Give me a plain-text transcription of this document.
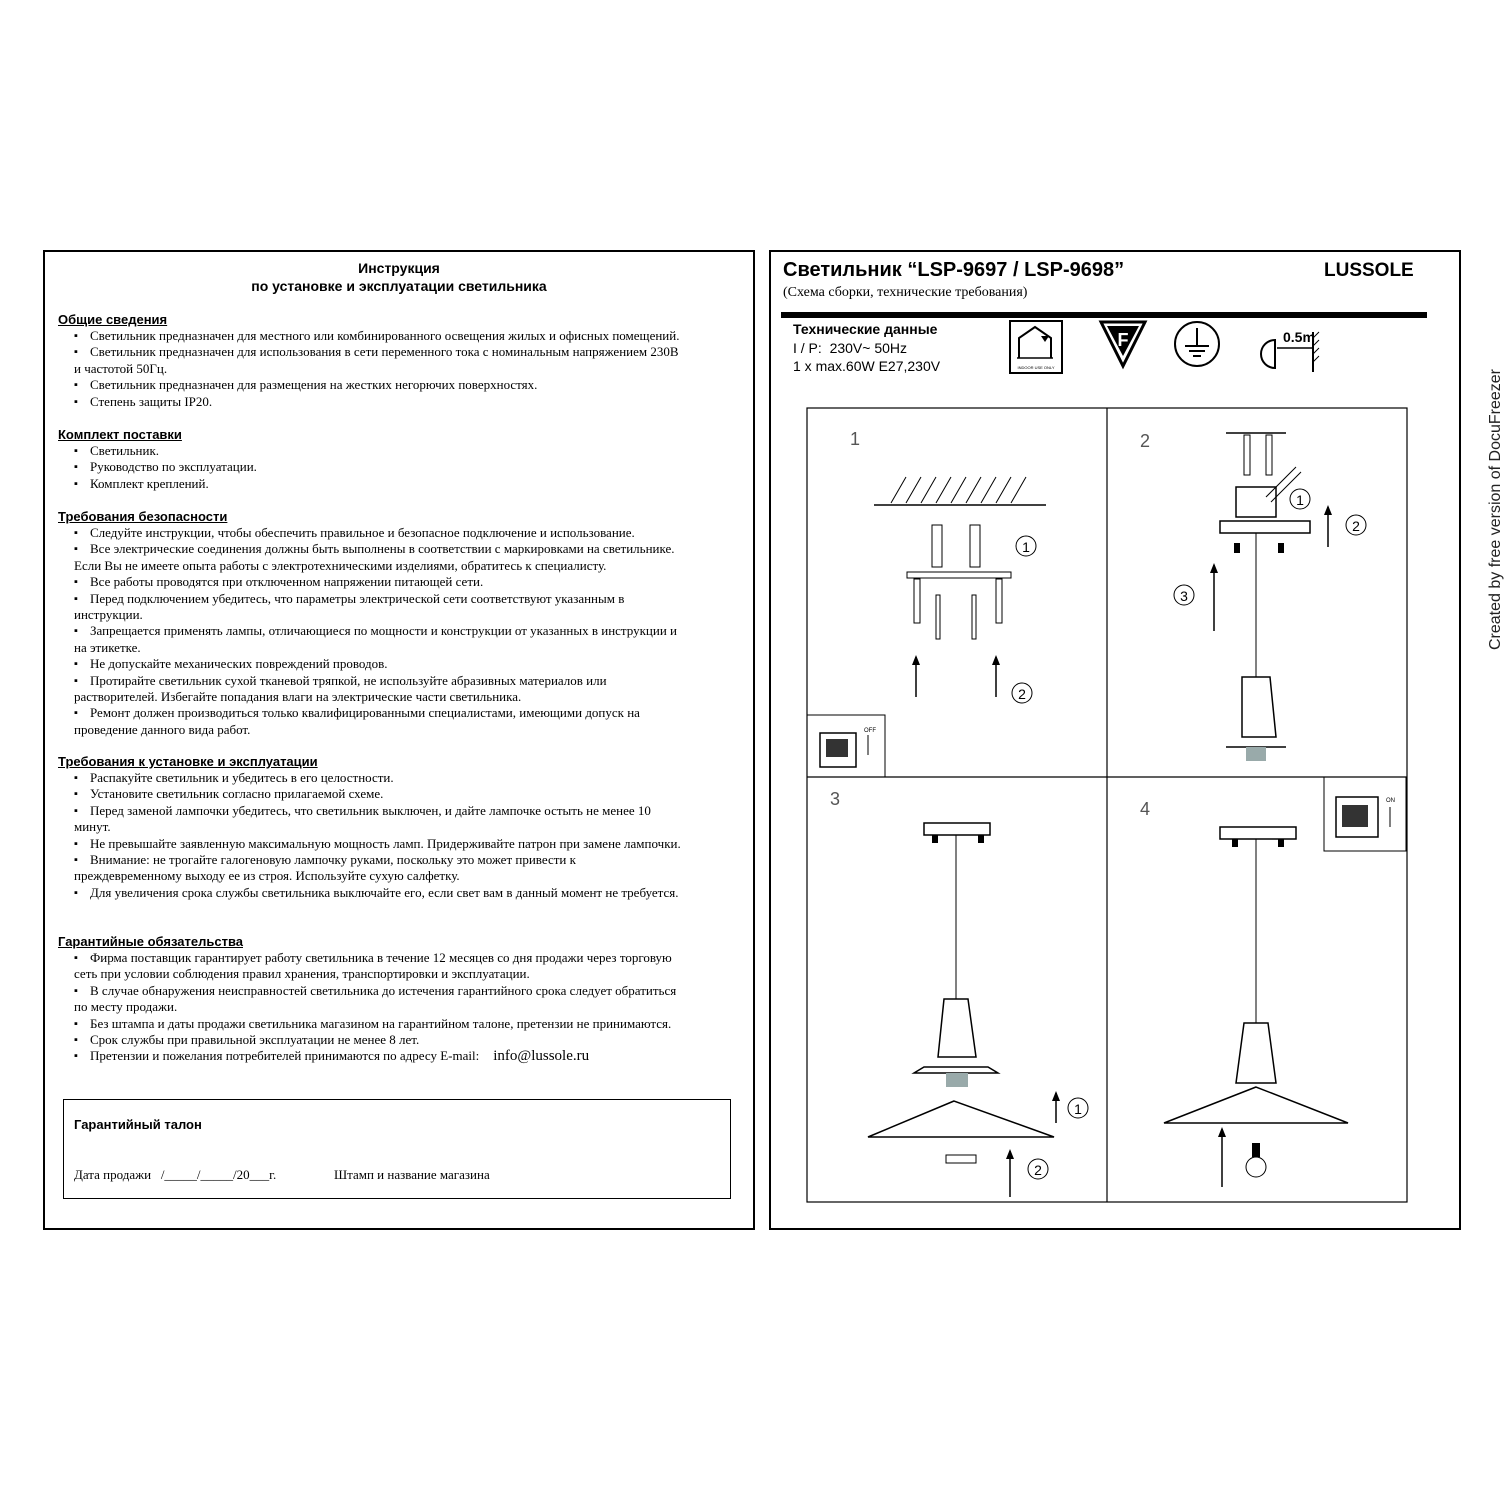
Инструкция
по установке и эксплуатации светильника
Общие сведения
▪ Светильник предназначен для местного или комбинированного освещения жилых и офисных помещений.
▪ Светильник предназначен для использования в сети переменного тока с номинальным напряжением 230В
и частотой 50Гц.
▪ Светильник предназначен для размещения на жестких негорючих поверхностях.
▪ Степень защиты IP20.
Комплект поставки
▪ Светильник.
▪ Руководство по эксплуатации.
▪ Комплект креплений.
Требования безопасности
▪ Следуйте инструкции, чтобы обеспечить правильное и безопасное подключение и использование.
▪ Все электрические соединения должны быть выполнены в соответствии с маркировками на светильнике.
Если Вы не имеете опыта работы с электротехническими изделиями, обратитесь к специалисту.
▪ Все работы проводятся при отключенном напряжении питающей сети.
▪ Перед подключением убедитесь, что параметры электрической сети соответствуют указанным в
инструкции.
▪ Запрещается применять лампы, отличающиеся по мощности и конструкции от указанных в инструкции и
на этикетке.
▪ Не допускайте механических повреждений проводов.
▪ Протирайте светильник сухой тканевой тряпкой, не используйте абразивных материалов или
растворителей. Избегайте попадания влаги на электрические части светильника.
▪ Ремонт должен производиться только квалифицированными специалистами, имеющими допуск на
проведение данного вида работ.
Требования к установке и эксплуатации
▪ Распакуйте светильник и убедитесь в его целостности.
▪ Установите светильник согласно прилагаемой схеме.
▪ Перед заменой лампочки убедитесь, что светильник выключен, и дайте лампочке остыть не менее 10
минут.
▪ Не превышайте заявленную максимальную мощность ламп. Придерживайте патрон при замене лампочки.
▪ Внимание: не трогайте галогеновую лампочку руками, поскольку это может привести к
преждевременному выходу ее из строя. Используйте сухую салфетку.
▪ Для увеличения срока службы светильника выключайте его, если свет вам в данный момент не требуется.
Гарантийные обязательства
▪ Фирма поставщик гарантирует работу светильника в течение 12 месяцев со дня продажи через торговую
сеть при условии соблюдения правил хранения, транспортировки и эксплуатации.
▪ В случае обнаружения неисправностей светильника до истечения гарантийного срока следует обратиться
по месту продажи.
▪ Без штампа и даты продажи светильника магазином на гарантийном талоне, претензии не принимаются.
▪ Срок службы при правильной эксплуатации не менее 8 лет.
▪ Претензии и пожелания потребителей принимаются по адресу E-mail: info@lussole.ru
Гарантийный талон
Дата продажи   /_____/_____/20___г.	Штамп и название магазина
Светильник “LSP-9697 / LSP-9698”	LUSSOLE
(Схема сборки, технические требования)
Технические данные
I / P:  230V~ 50Hz
1 x max.60W E27,230V	INDOOR USE ONLY
F	0.5m
1	2
3	4
1
2
OFF
1
2
3
1
2
ON
Created by free version of DocuFreezer
